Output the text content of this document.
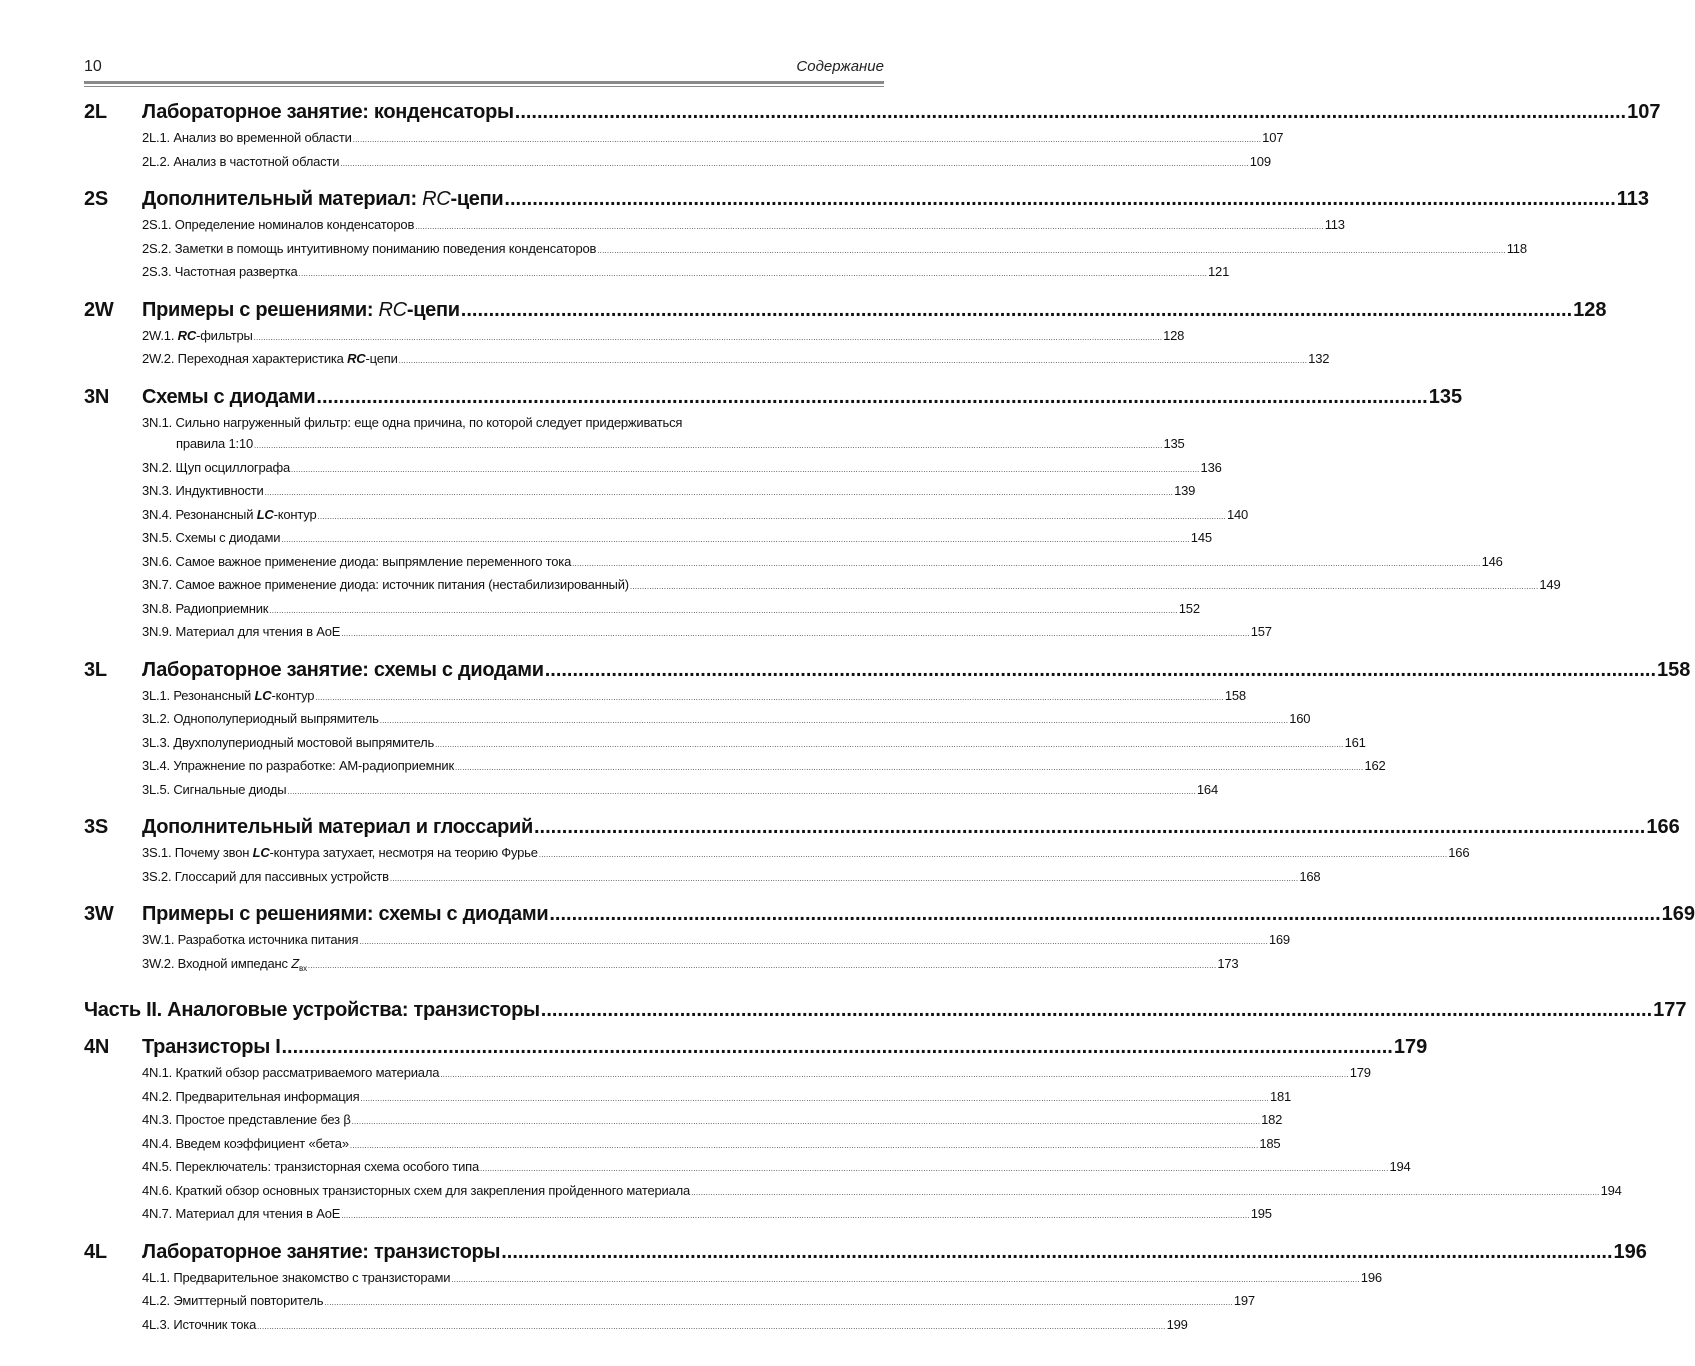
10	Содержание
2L	Лабораторное занятие: конденсаторы .....	107
2L.1. Анализ во временной области .....	107
2L.2. Анализ в частотной области .....	109
2S	Дополнительный материал: RC-цепи .....	113
2S.1. Определение номиналов конденсаторов .....	113
2S.2. Заметки в помощь интуитивному пониманию поведения конденсаторов .....	118
2S.3. Частотная развертка .....	121
2W	Примеры с решениями: RC-цепи .....	128
2W.1. RC-фильтры .....	128
2W.2. Переходная характеристика RC-цепи .....	132
3N	Схемы с диодами .....	135
3N.1. Сильно нагруженный фильтр: еще одна причина, по которой следует придерживаться
правила 1:10 .....	135
3N.2. Щуп осциллографа .....	136
3N.3. Индуктивности .....	139
3N.4. Резонансный LC-контур .....	140
3N.5. Схемы с диодами .....	145
3N.6. Самое важное применение диода: выпрямление переменного тока .....	146
3N.7. Самое важное применение диода: источник питания (нестабилизированный) .....	149
3N.8. Радиоприемник .....	152
3N.9. Материал для чтения в AoE .....	157
3L	Лабораторное занятие: схемы с диодами .....	158
3L.1. Резонансный LC-контур .....	158
3L.2. Однополупериодный выпрямитель .....	160
3L.3. Двухполупериодный мостовой выпрямитель .....	161
3L.4. Упражнение по разработке: АМ-радиоприемник .....	162
3L.5. Сигнальные диоды .....	164
3S	Дополнительный материал и глоссарий .....	166
3S.1. Почему звон LC-контура затухает, несмотря на теорию Фурье .....	166
3S.2. Глоссарий для пассивных устройств .....	168
3W	Примеры с решениями: схемы с диодами .....	169
3W.1. Разработка источника питания .....	169
3W.2. Входной импеданс $Z_{вх}$ .....	173
Часть II. Аналоговые устройства: транзисторы .....	177
4N	Транзисторы I .....	179
4N.1. Краткий обзор рассматриваемого материала .....	179
4N.2. Предварительная информация .....	181
4N.3. Простое представление без β .....	182
4N.4. Введем коэффициент «бета» .....	185
4N.5. Переключатель: транзисторная схема особого типа .....	194
4N.6. Краткий обзор основных транзисторных схем для закрепления пройденного материала .....	194
4N.7. Материал для чтения в AoE .....	195
4L	Лабораторное занятие: транзисторы .....	196
4L.1. Предварительное знакомство с транзисторами .....	196
4L.2. Эмиттерный повторитель .....	197
4L.3. Источник тока .....	199
